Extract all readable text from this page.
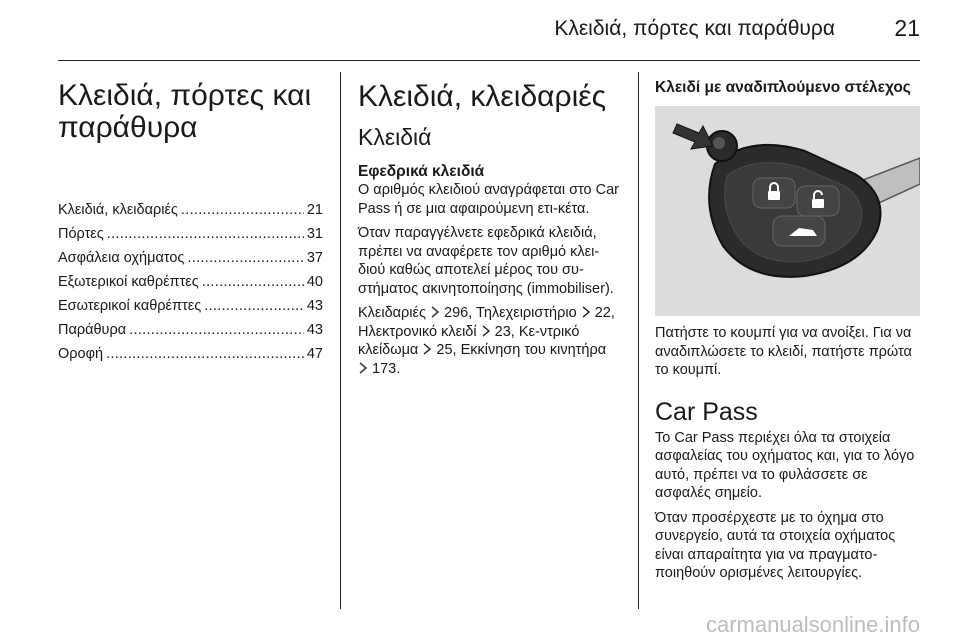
Κλειδιά, πόρτες και παράθυρα	21
Κλειδιά, πόρτες και παράθυρα
Κλειδιά, κλειδαριές .....	21
Πόρτες .....	31
Ασφάλεια οχήματος .....	37
Εξωτερικοί καθρέπτες .....	40
Εσωτερικοί καθρέπτες .....	43
Παράθυρα .....	43
Οροφή .....	47
Κλειδιά, κλειδαριές
Κλειδιά
Εφεδρικά κλειδιά

Ο αριθμός κλειδιού αναγράφεται στο Car Pass ή σε μια αφαιρούμενη ετι-κέτα.

Όταν παραγγέλνετε εφεδρικά κλειδιά, πρέπει να αναφέρετε τον αριθμό κλει-διού καθώς αποτελεί μέρος του συ-στήματος ακινητοποίησης (immobiliser).

Κλειδαριές 296, Τηλεχειριστήριο 22, Ηλεκτρονικό κλειδί 23, Κε-ντρικό κλείδωμα 25, Εκκίνηση του κινητήρα  173.

Κλειδί με αναδιπλούμενο στέλεχος

Πατήστε το κουμπί για να ανοίξει. Για να αναδιπλώσετε το κλειδί, πατήστε πρώτα το κουμπί.

Car Pass

Το Car Pass περιέχει όλα τα στοιχεία ασφαλείας του οχήματος και, για το λόγο αυτό, πρέπει να το φυλάσσετε σε ασφαλές σημείο.

Όταν προσέρχεστε με το όχημα στο συνεργείο, αυτά τα στοιχεία οχήματος είναι απαραίτητα για να πραγματο-ποιηθούν ορισμένες λειτουργίες.

carmanualsonline.info
